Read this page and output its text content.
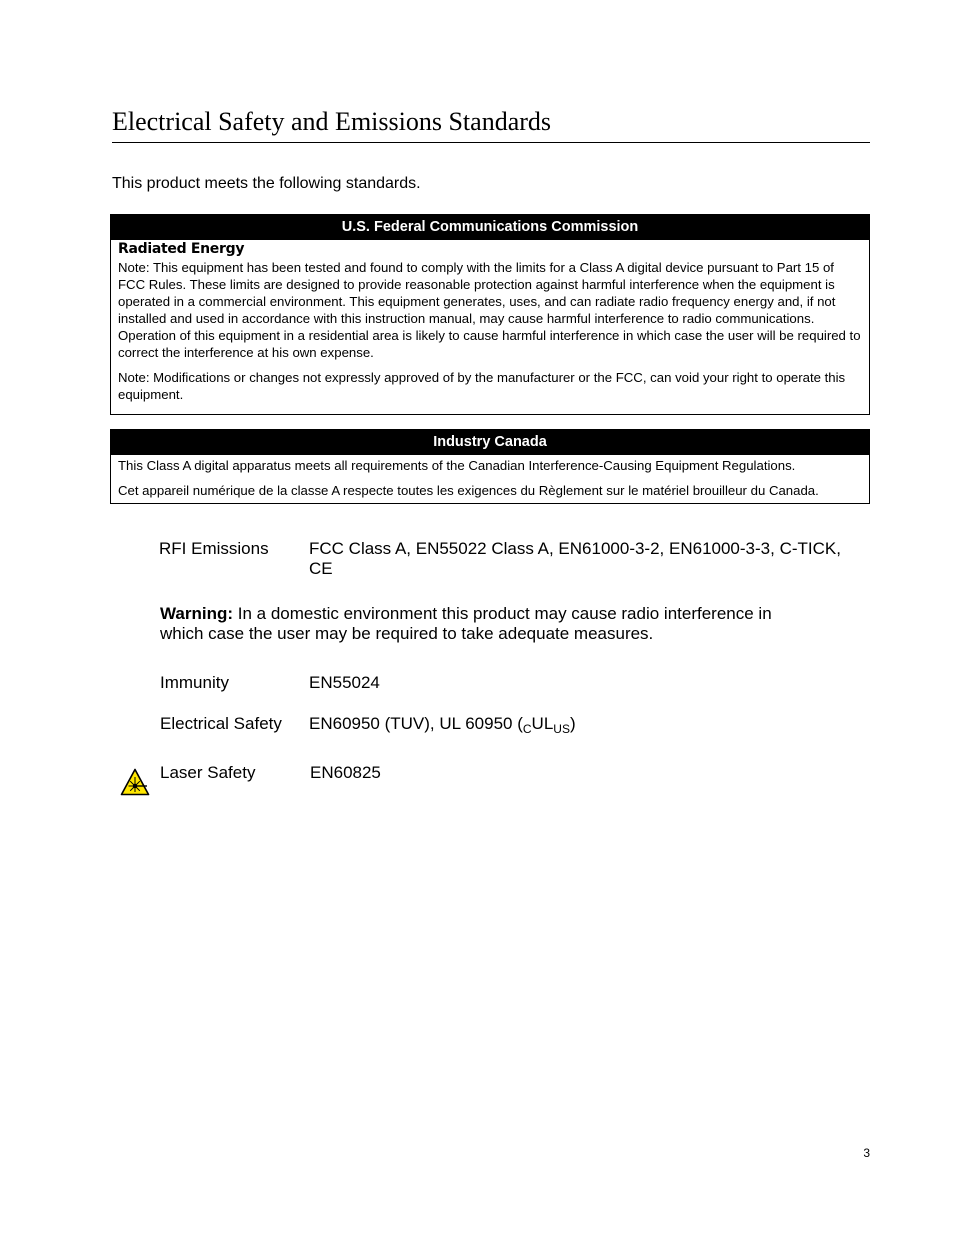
Electrical Safety and Emissions Standards

This product meets the following standards.

U.S. Federal Communications Commission
Radiated Energy

Note: This equipment has been tested and found to comply with the limits for a Class A digital device pursuant to Part 15 of FCC Rules. These limits are designed to provide reasonable protection against harmful interference when the equipment is operated in a commercial environment. This equipment generates, uses, and can radiate radio frequency energy and, if not installed and used in accordance with this instruction manual, may cause harmful interference to radio communications. Operation of this equipment in a residential area is likely to cause harmful interference in which case the user will be required to correct the interference at his own expense.

Note: Modifications or changes not expressly approved of by the manufacturer or the FCC, can void your right to operate this equipment.

Industry Canada

This Class A digital apparatus meets all requirements of the Canadian Interference-Causing Equipment Regulations.

Cet appareil numérique de la classe A respecte toutes les exigences du Règlement sur le matériel brouilleur du Canada.

RFI Emissions FCC Class A, EN55022 Class A, EN61000-3-2, EN61000-3-3, C-TICK, CE

Warning: In a domestic environment this product may cause radio interference in which case the user may be required to take adequate measures.

Immunity	EN55024
Electrical Safety EN60950 (TUV), UL 60950 $(_CUL_{US})$
Laser Safety	EN60825
3
